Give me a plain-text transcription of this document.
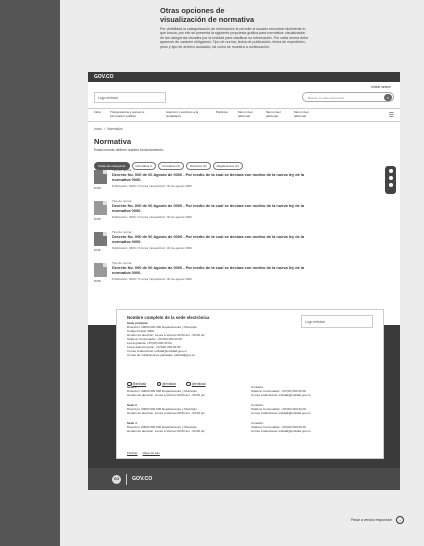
Otras opciones de
visualización de normativa
Por visibilidad la categorización de información le permite al usuario encontrar fácilmente lo que busca, por ello se presenta la siguiente propuesta gráfica para normativa: visualización de las categorías visuales por la entidad para clasificar su información. Por cada norma debe aparecer de carácter obligatorio: Tipo de norma, fecha de publicación, fecha de expedición, peso y tipo de archivo asociado, tal como se muestra a continuación:
GOV.CO
Iniciar sesión
Logo entidad	Buscar en sede electrónica	⌕
Inicio	Transparencia y acceso a información pública
Atención y servicios a la ciudadanía
Participa	Menú nivel adicional
Menú nivel adicional
Menú nivel adicional	☰
Inicio › Normativa
Normativa
Estas normas definen nuestro funcionamiento:
Todas las categorías	Normativa X	Circulares (4)	Decretos (4)	Reglamentos (2)
8 KB
Tipo de norma
Decreto No. 000 de 00 Agosto de 0000 - Por medio de la cual se declara con motivo de la nueva ley de la normativa 0000.
Publicación: 0000 / 0 horas | Expedición: 00 de agosto 0000
8 KB
Tipo de norma
Decreto No. 000 de 00 Agosto de 0000 - Por medio de la cual se declara con motivo de la nueva ley de la normativa 0000.
Publicación: 0000 / 0 horas | Expedición: 00 de agosto 0000
8 KB
Tipo de norma
Decreto No. 000 de 00 Agosto de 0000 - Por medio de la cual se declara con motivo de la nueva ley de la normativa 0000.
Publicación: 0000 / 0 horas | Expedición: 00 de agosto 0000
8 KB
Tipo de norma
Decreto No. 000 de 00 Agosto de 0000 - Por medio de la cual se declara con motivo de la nueva ley de la normativa 0000.
Publicación: 0000 / 0 horas | Expedición: 00 de agosto 0000
Nombre completo de la sede electrónica
Logo entidad
Sede principal
Dirección: 00000 000 000 Departamento y Municipio
Código Postal: 0000
Horario de atención: Lunes a Viernes 00:00 am - 00:00 pm
Teléfono Conmutador: +57(00) 000 00 00
Línea gratuita: +57(00) 000 00 00
Línea anticorrupción: +57(00) 000 00 00
Correo institucional: entidad@entidad.gov.co
Correo de notificaciones judiciales: judicial@gov.co
@entidad	@entidad	@entidad
Sede 2
Dirección: 00000 000 000 Departamento y Municipio
Horario de atención: Lunes a Viernes 00:00 am - 00:00 pm
Contacto:
Teléfono Conmutador: +57(00) 000 00 00
Correo institucional: entidad@entidad.gov.co
Sede 3
Dirección: 00000 000 000 Departamento y Municipio
Horario de atención: Lunes a Viernes 00:00 am - 00:00 pm
Contacto:
Teléfono Conmutador: +57(00) 000 00 00
Correo institucional: entidad@entidad.gov.co
Sede 4
Dirección: 00000 000 000 Departamento y Municipio
Horario de atención: Lunes a Viernes 00:00 am - 00:00 pm
Contacto:
Teléfono Conmutador: +57(00) 000 00 00
Correo institucional: entidad@entidad.gov.co
Políticas Mapa del sitio
CO	GOV.CO
Pasar a versión responsive ›
